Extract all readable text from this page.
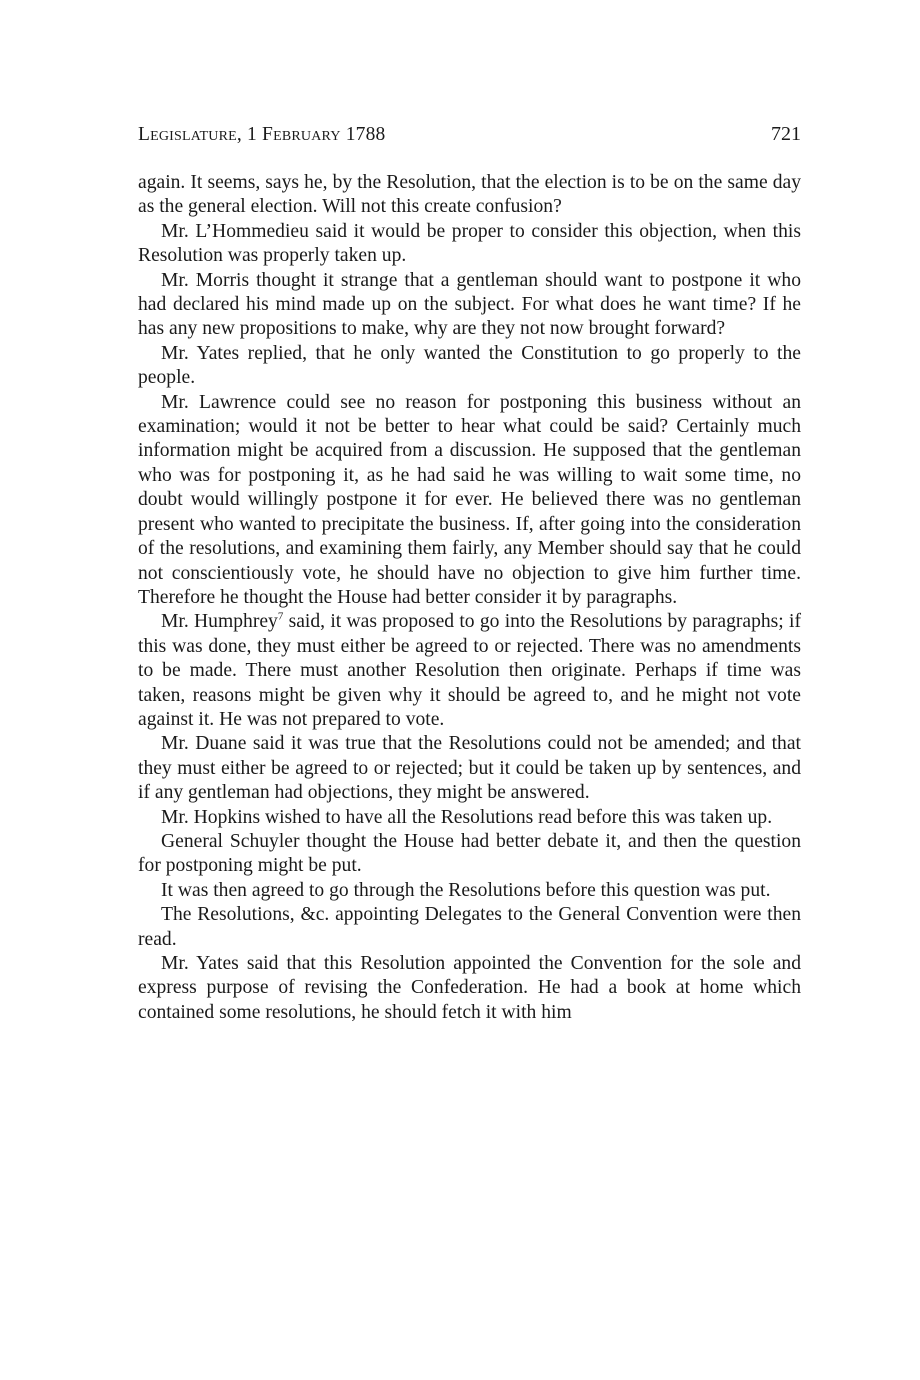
Legislature, 1 February 1788	721

again. It seems, says he, by the Resolution, that the election is to be on the same day as the general election. Will not this create confusion?

Mr. L’Hommedieu said it would be proper to consider this objection, when this Resolution was properly taken up.

Mr. Morris thought it strange that a gentleman should want to postpone it who had declared his mind made up on the subject. For what does he want time? If he has any new propositions to make, why are they not now brought forward?

Mr. Yates replied, that he only wanted the Constitution to go properly to the people.

Mr. Lawrence could see no reason for postponing this business without an examination; would it not be better to hear what could be said? Certainly much information might be acquired from a discussion. He supposed that the gentleman who was for postponing it, as he had said he was willing to wait some time, no doubt would willingly postpone it for ever. He believed there was no gentleman present who wanted to precipitate the business. If, after going into the consideration of the resolutions, and examining them fairly, any Member should say that he could not conscientiously vote, he should have no objection to give him further time. Therefore he thought the House had better consider it by paragraphs.

Mr. Humphrey$^7$ said, it was proposed to go into the Resolutions by paragraphs; if this was done, they must either be agreed to or rejected. There was no amendments to be made. There must another Resolution then originate. Perhaps if time was taken, reasons might be given why it should be agreed to, and he might not vote against it. He was not prepared to vote.

Mr. Duane said it was true that the Resolutions could not be amended; and that they must either be agreed to or rejected; but it could be taken up by sentences, and if any gentleman had objections, they might be answered.

Mr. Hopkins wished to have all the Resolutions read before this was taken up.

General Schuyler thought the House had better debate it, and then the question for postponing might be put.

It was then agreed to go through the Resolutions before this question was put.

The Resolutions, &c. appointing Delegates to the General Convention were then read.

Mr. Yates said that this Resolution appointed the Convention for the sole and express purpose of revising the Confederation. He had a book at home which contained some resolutions, he should fetch it with him
